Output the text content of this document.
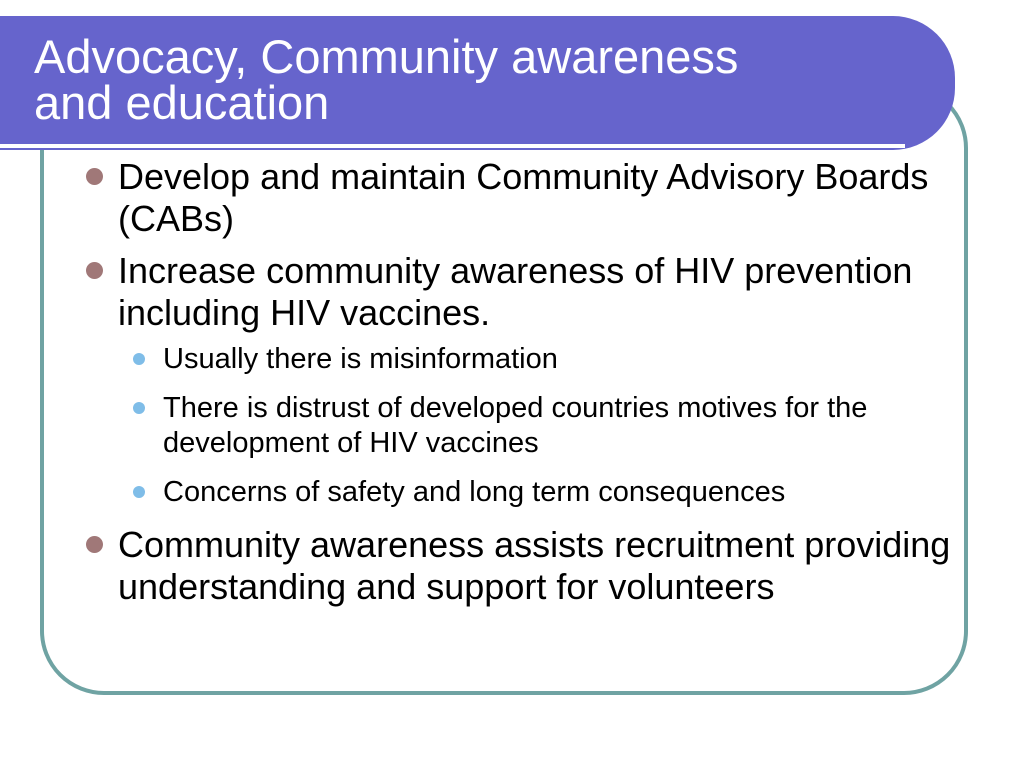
Advocacy, Community awareness
and education
Develop and maintain Community Advisory Boards (CABs)
Increase community awareness of HIV prevention including HIV vaccines.
Usually there is misinformation
There is distrust of developed countries motives for the development of HIV vaccines
Concerns of safety and long term consequences
Community awareness assists recruitment providing understanding and support for volunteers
